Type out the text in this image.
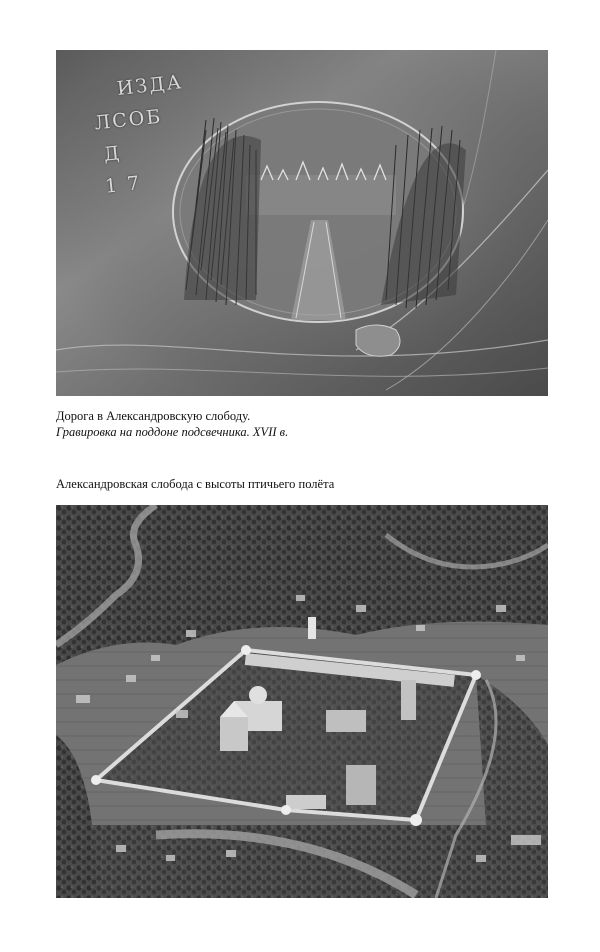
ИЗДА
ЛСОБ
Д
1 7
Дорога в Александровскую слободу.
Гравировка на поддоне подсвечника. XVII в.
Александровская слобода с высоты птичьего полёта
